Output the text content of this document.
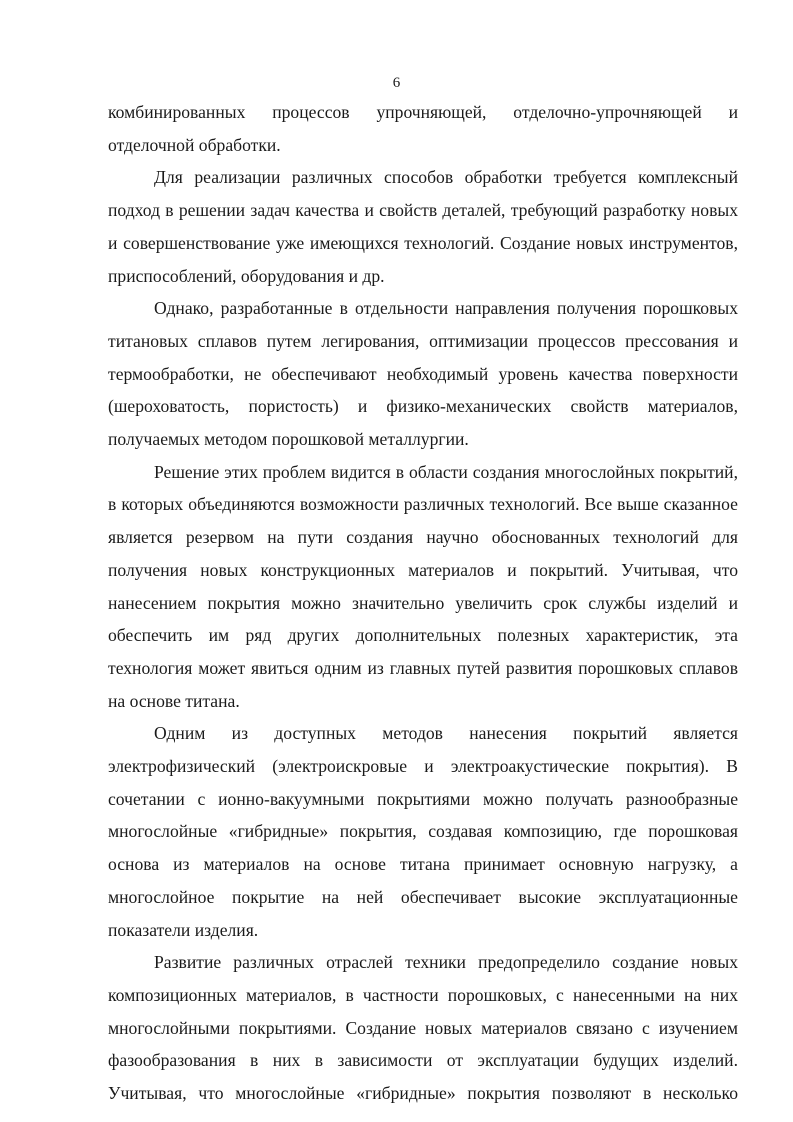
6

комбинированных процессов упрочняющей, отделочно-упрочняющей и отделочной обработки.

Для реализации различных способов обработки требуется комплексный подход в решении задач качества и свойств деталей, требующий разработку новых и совершенствование уже имеющихся технологий. Создание новых инструментов, приспособлений, оборудования и др.

Однако, разработанные в отдельности направления получения порошковых титановых сплавов путем легирования, оптимизации процессов прессования и термообработки, не обеспечивают необходимый уровень качества поверхности (шероховатость, пористость) и физико-механических свойств материалов, получаемых методом порошковой металлургии.

Решение этих проблем видится в области создания многослойных покрытий, в которых объединяются возможности различных технологий. Все выше сказанное является резервом на пути создания научно обоснованных технологий для получения новых конструкционных материалов и покрытий. Учитывая, что нанесением покрытия можно значительно увеличить срок службы изделий и обеспечить им ряд других дополнительных полезных характеристик, эта технология может явиться одним из главных путей развития порошковых сплавов на основе титана.

Одним из доступных методов нанесения покрытий является электрофизический (электроискровые и электроакустические покрытия). В сочетании с ионно-вакуумными покрытиями можно получать разнообразные многослойные «гибридные» покрытия, создавая композицию, где порошковая основа из материалов на основе титана принимает основную нагрузку, а многослойное покрытие на ней обеспечивает высокие эксплуатационные показатели изделия.

Развитие различных отраслей техники предопределило создание новых композиционных материалов, в частности порошковых, с нанесенными на них многослойными покрытиями. Создание новых материалов связано с изучением фазообразования в них в зависимости от эксплуатации будущих изделий. Учитывая, что многослойные «гибридные» покрытия позволяют в несколько
